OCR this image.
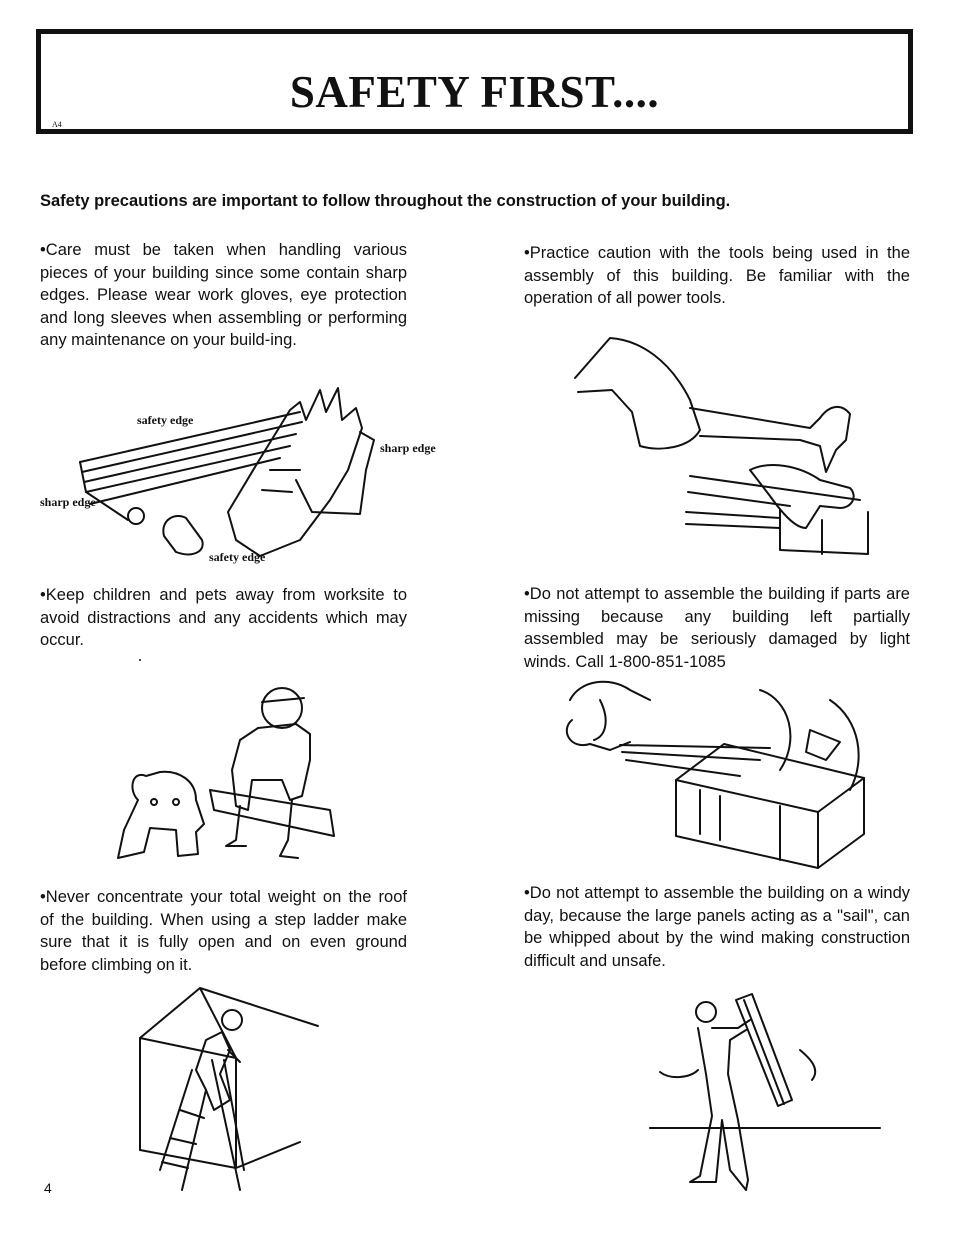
SAFETY FIRST....
A4
Safety precautions are important to follow throughout the construction of your building.

•Care must be taken when handling various pieces of your building since some contain sharp edges. Please wear work gloves, eye protection and long sleeves when assembling or performing any maintenance on your build-ing.

•Practice caution with the tools being used in the assembly of this building. Be familiar with the operation of all power tools.

safety edge
sharp edge
sharp edge
safety edge

•Keep children and pets away from worksite to avoid distractions and any accidents which may occur.

•Do not attempt to assemble the building if parts are missing because any building left partially assembled may be seriously damaged by light winds. Call 1-800-851-1085

•Never concentrate your total weight on the roof of the building. When using a step ladder make sure that it is fully open and on even ground before climbing on it.

•Do not attempt to assemble the building on a windy day, because the large panels acting as a "sail", can be whipped about by the wind making construction difficult and unsafe.

4
